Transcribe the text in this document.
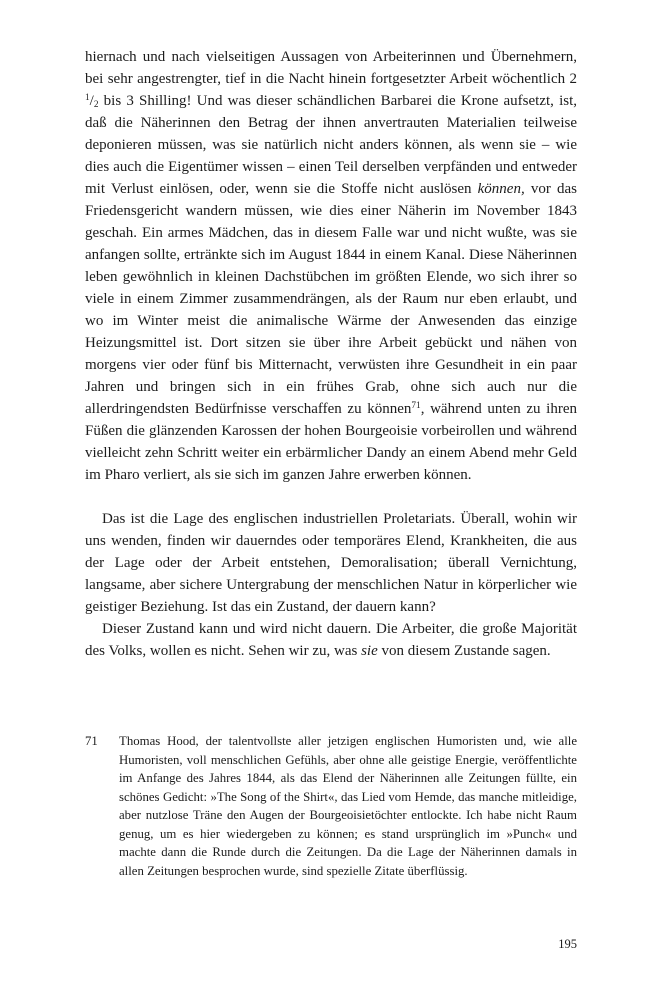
hiernach und nach vielseitigen Aussagen von Arbeiterinnen und Übernehmern, bei sehr angestrengter, tief in die Nacht hinein fortgesetzter Arbeit wöchentlich 2 $^1/_2$ bis 3 Shilling! Und was dieser schändlichen Barbarei die Krone aufsetzt, ist, daß die Näherinnen den Betrag der ihnen anvertrauten Materialien teilweise deponieren müssen, was sie natürlich nicht anders können, als wenn sie – wie dies auch die Eigentümer wissen – einen Teil derselben verpfänden und entweder mit Verlust einlösen, oder, wenn sie die Stoffe nicht auslösen können, vor das Friedensgericht wandern müssen, wie dies einer Näherin im November 1843 geschah. Ein armes Mädchen, das in diesem Falle war und nicht wußte, was sie anfangen sollte, ertränkte sich im August 1844 in einem Kanal. Diese Näherinnen leben gewöhnlich in kleinen Dachstübchen im größten Elende, wo sich ihrer so viele in einem Zimmer zusammendrängen, als der Raum nur eben erlaubt, und wo im Winter meist die animalische Wärme der Anwesenden das einzige Heizungsmittel ist. Dort sitzen sie über ihre Arbeit gebückt und nähen von morgens vier oder fünf bis Mitternacht, verwüsten ihre Gesundheit in ein paar Jahren und bringen sich in ein frühes Grab, ohne sich auch nur die allerdringendsten Bedürfnisse verschaffen zu können$^{71}$, während unten zu ihren Füßen die glänzenden Karossen der hohen Bourgeoisie vorbeirollen und während vielleicht zehn Schritt weiter ein erbärmlicher Dandy an einem Abend mehr Geld im Pharo verliert, als sie sich im ganzen Jahre erwerben können.

Das ist die Lage des englischen industriellen Proletariats. Überall, wohin wir uns wenden, finden wir dauerndes oder temporäres Elend, Krankheiten, die aus der Lage oder der Arbeit entstehen, Demoralisation; überall Vernichtung, langsame, aber sichere Untergrabung der menschlichen Natur in körperlicher wie geistiger Beziehung. Ist das ein Zustand, der dauern kann?

Dieser Zustand kann und wird nicht dauern. Die Arbeiter, die große Majorität des Volks, wollen es nicht. Sehen wir zu, was sie von diesem Zustande sagen.

71	Thomas Hood, der talentvollste aller jetzigen englischen Humoristen und, wie alle Humoristen, voll menschlichen Gefühls, aber ohne alle geistige Energie, veröffentlichte im Anfange des Jahres 1844, als das Elend der Näherinnen alle Zeitungen füllte, ein schönes Gedicht: »The Song of the Shirt«, das Lied vom Hemde, das manche mitleidige, aber nutzlose Träne den Augen der Bourgeoisietöchter entlockte. Ich habe nicht Raum genug, um es hier wiedergeben zu können; es stand ursprünglich im »Punch« und machte dann die Runde durch die Zeitungen. Da die Lage der Näherinnen damals in allen Zeitungen besprochen wurde, sind spezielle Zitate überflüssig.
195
